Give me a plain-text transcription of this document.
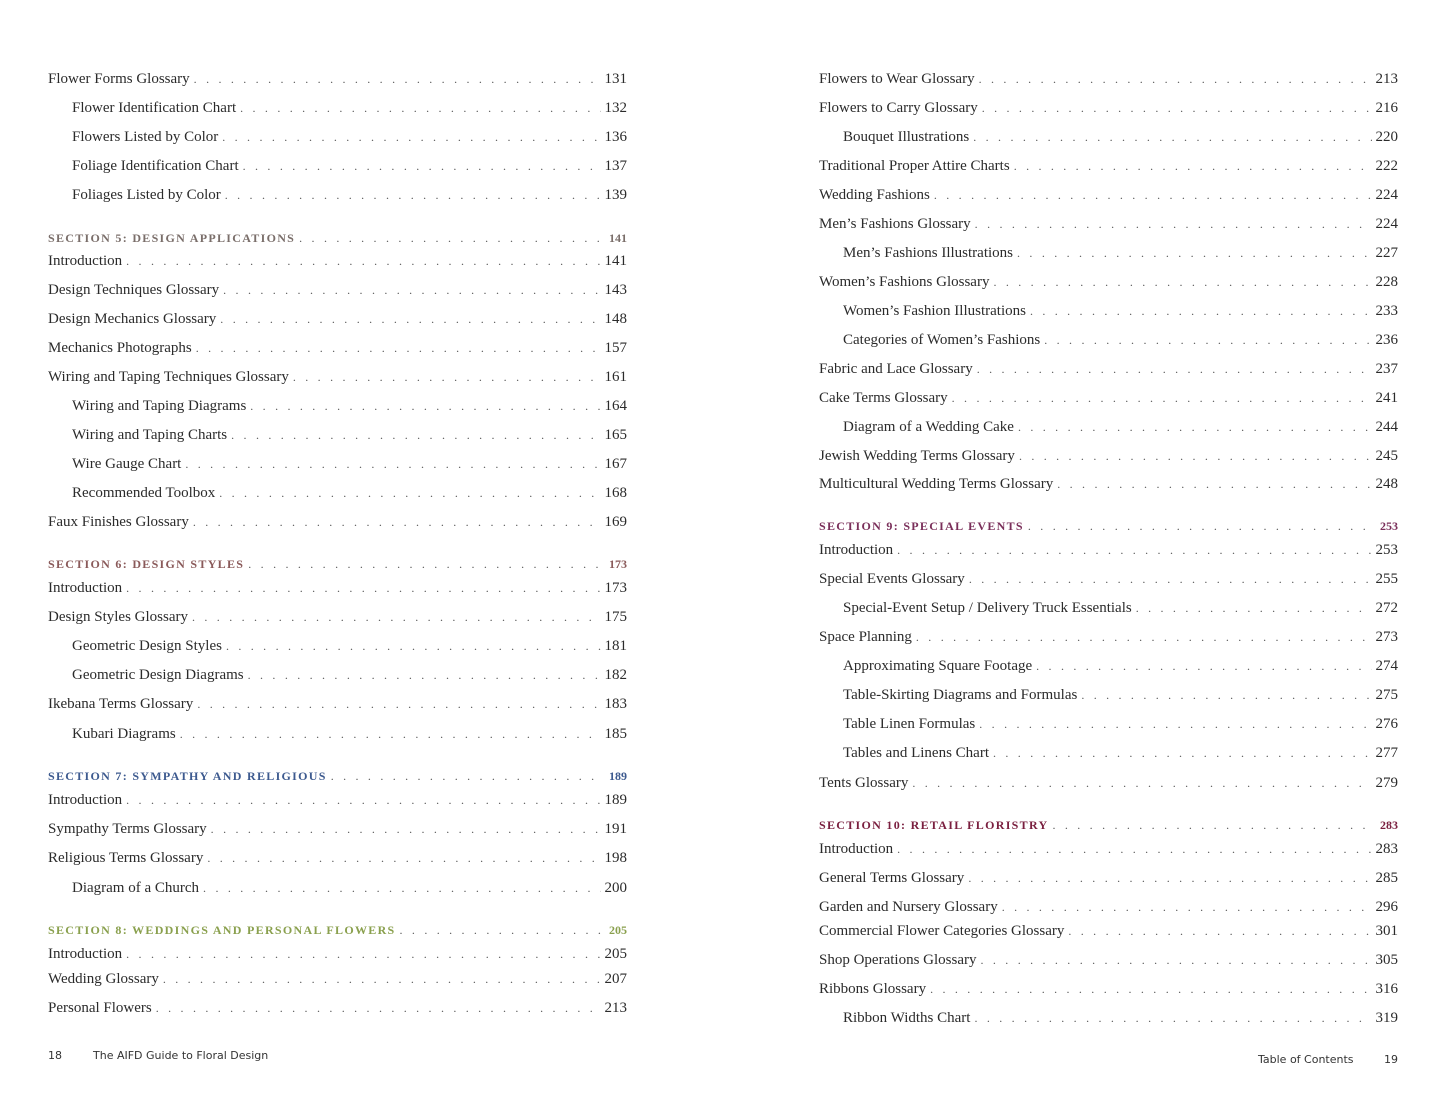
Flower Forms Glossary . . .	131
Flower Identification Chart . . .	132
Flowers Listed by Color . . .	136
Foliage Identification Chart . . .	137
Foliages Listed by Color . . .	139
SECTION 5: DESIGN APPLICATIONS . . .	141
Introduction . . .	141
Design Techniques Glossary . . .	143
Design Mechanics Glossary . . .	148
Mechanics Photographs . . .	157
Wiring and Taping Techniques Glossary . . .	161
Wiring and Taping Diagrams . . .	164
Wiring and Taping Charts . . .	165
Wire Gauge Chart . . .	167
Recommended Toolbox . . .	168
Faux Finishes Glossary . . .	169
SECTION 6: DESIGN STYLES . . .	173
Introduction . . .	173
Design Styles Glossary . . .	175
Geometric Design Styles . . .	181
Geometric Design Diagrams . . .	182
Ikebana Terms Glossary . . .	183
Kubari Diagrams . . .	185
SECTION 7: SYMPATHY AND RELIGIOUS . . .	189
Introduction . . .	189
Sympathy Terms Glossary . . .	191
Religious Terms Glossary . . .	198
Diagram of a Church . . .	200
SECTION 8: WEDDINGS AND PERSONAL FLOWERS . . .	205
Introduction . . .	205
Wedding Glossary . . .	207
Personal Flowers . . .	213
18	The AIFD Guide to Floral Design
Flowers to Wear Glossary . . .	213
Flowers to Carry Glossary . . .	216
Bouquet Illustrations . . .	220
Traditional Proper Attire Charts . . .	222
Wedding Fashions . . .	224
Men’s Fashions Glossary . . .	224
Men’s Fashions Illustrations . . .	227
Women’s Fashions Glossary . . .	228
Women’s Fashion Illustrations . . .	233
Categories of Women’s Fashions . . .	236
Fabric and Lace Glossary . . .	237
Cake Terms Glossary . . .	241
Diagram of a Wedding Cake . . .	244
Jewish Wedding Terms Glossary . . .	245
Multicultural Wedding Terms Glossary . . .	248
SECTION 9: SPECIAL EVENTS . . .	253
Introduction . . .	253
Special Events Glossary . . .	255
Special-Event Setup / Delivery Truck Essentials . . .	272
Space Planning . . .	273
Approximating Square Footage . . .	274
Table-Skirting Diagrams and Formulas . . .	275
Table Linen Formulas . . .	276
Tables and Linens Chart . . .	277
Tents Glossary . . .	279
SECTION 10: RETAIL FLORISTRY . . .	283
Introduction . . .	283
General Terms Glossary . . .	285
Garden and Nursery Glossary . . .	296
Commercial Flower Categories Glossary . . .	301
Shop Operations Glossary . . .	305
Ribbons Glossary . . .	316
Ribbon Widths Chart . . .	319
Table of Contents	19
